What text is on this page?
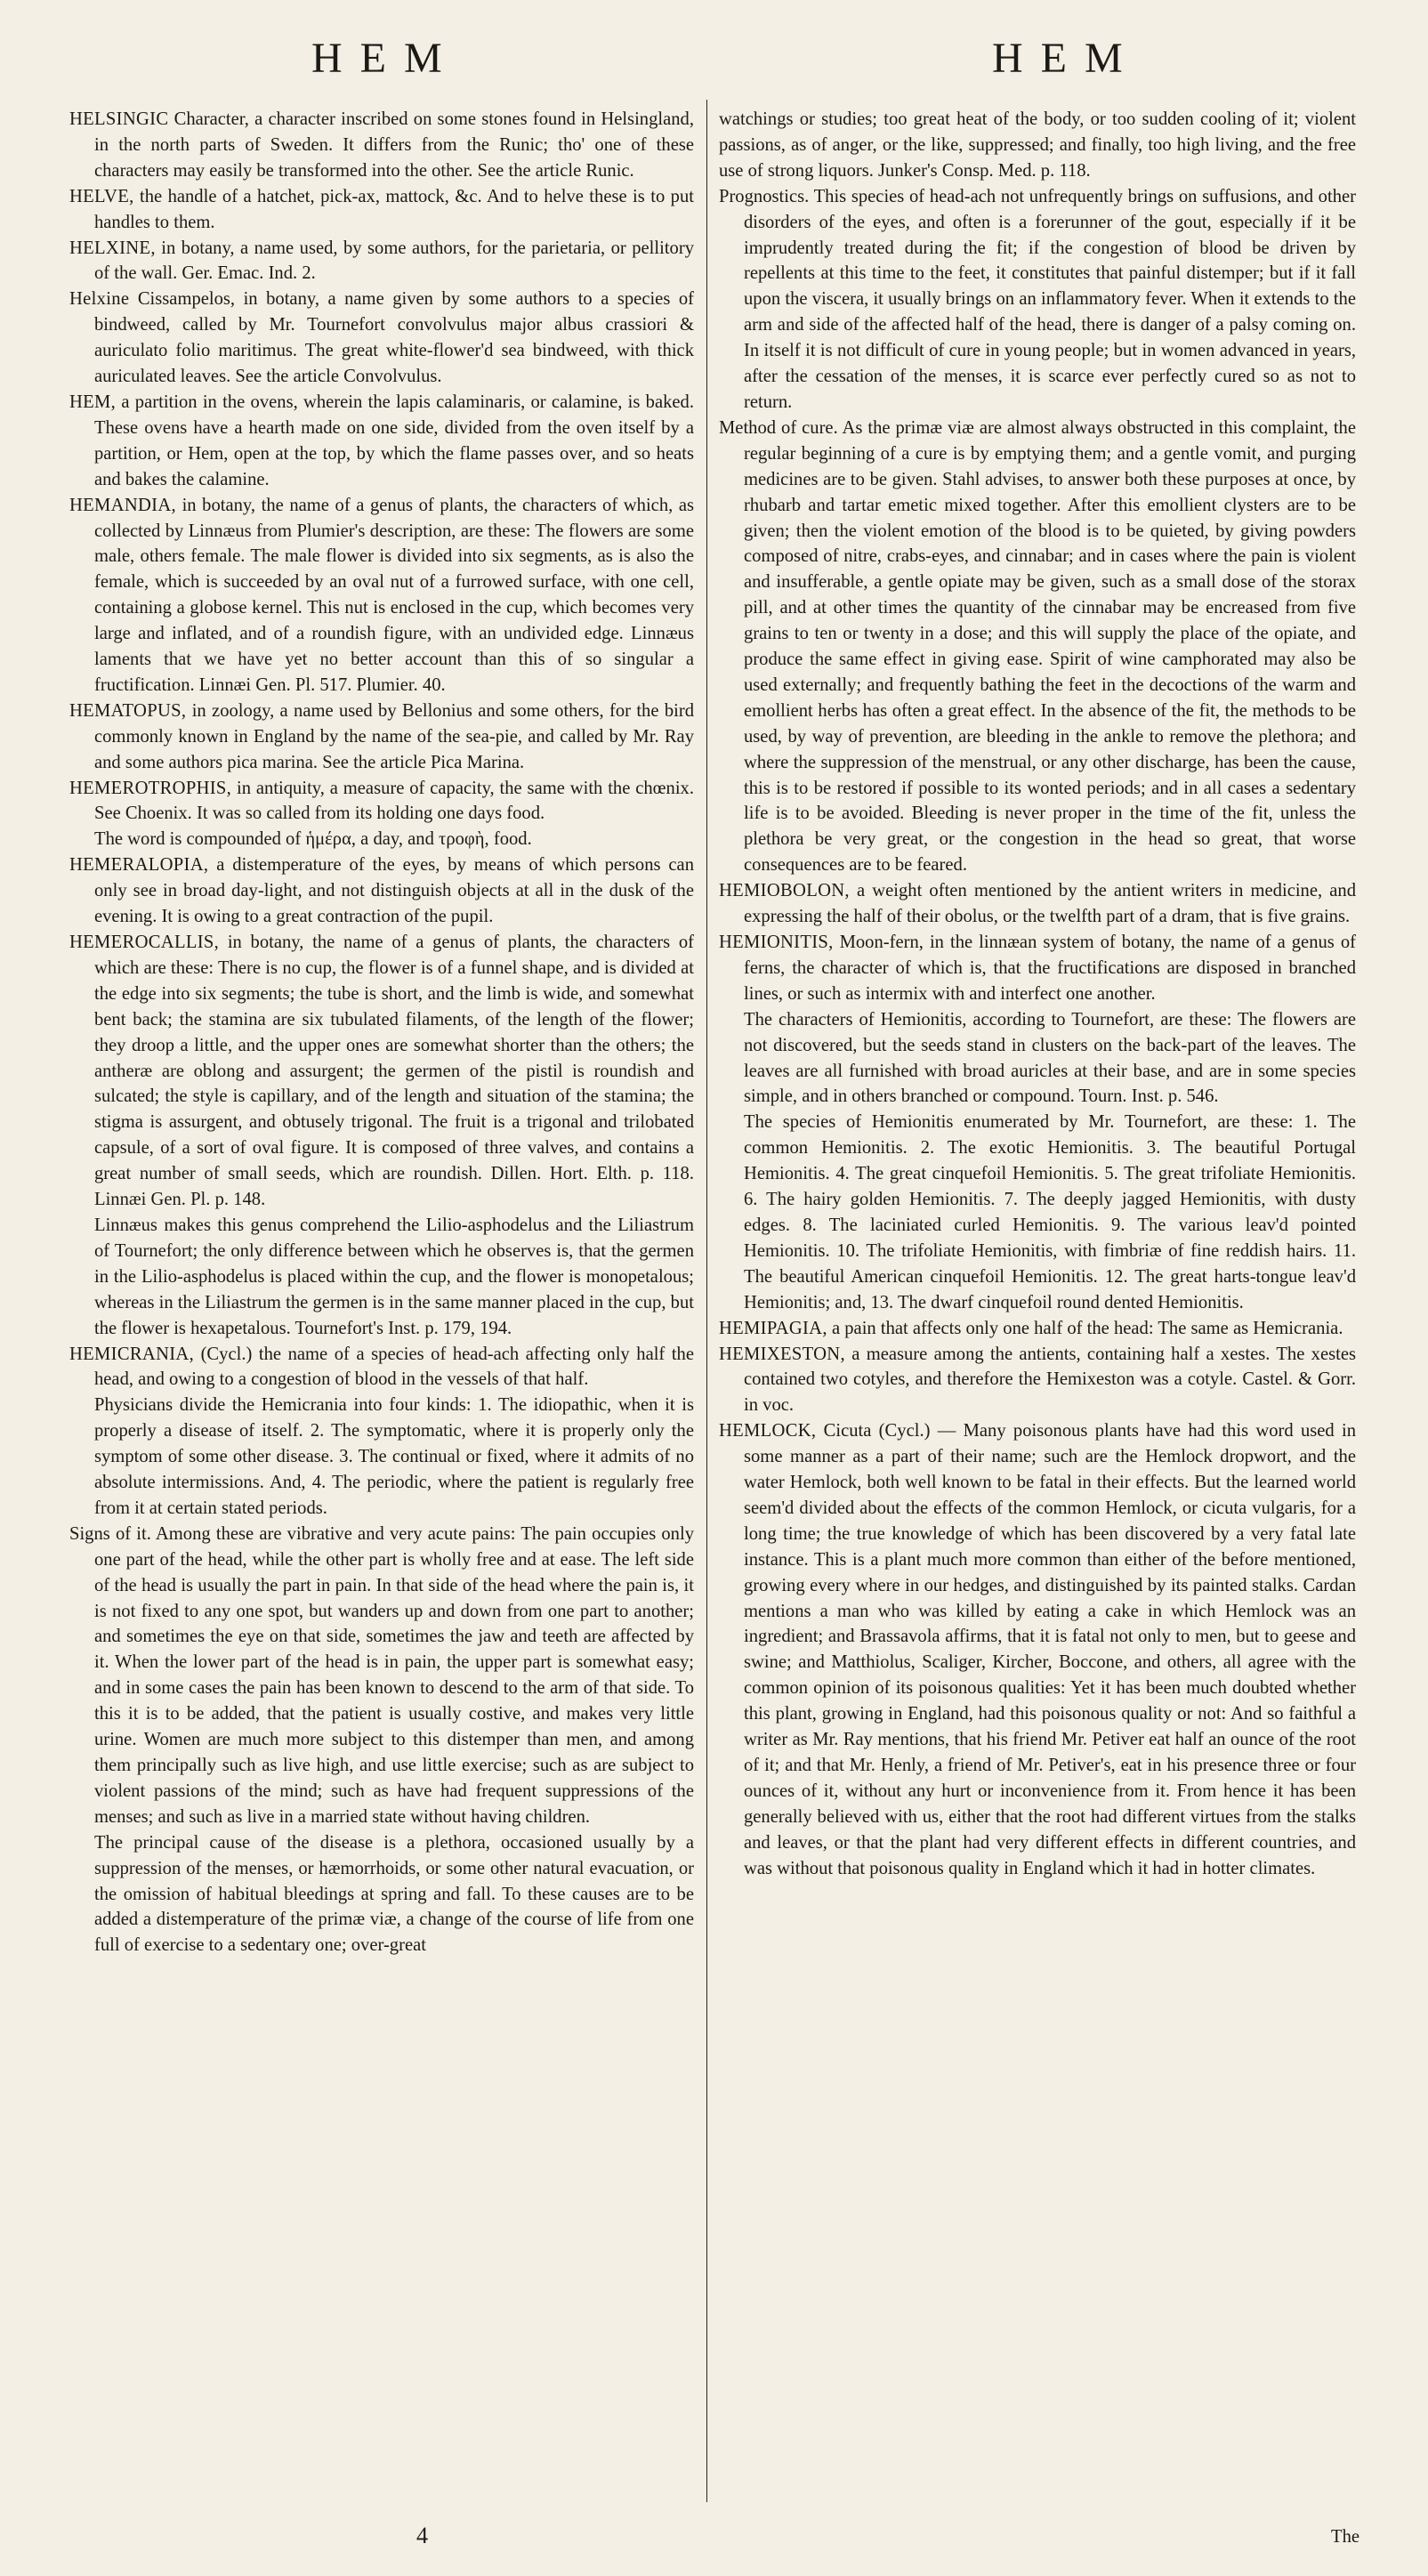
HEM	HEM

HELSINGIC Character, a character inscribed on some stones found in Helsingland, in the north parts of Sweden. It differs from the Runic; tho' one of these characters may easily be transformed into the other. See the article Runic.

HELVE, the handle of a hatchet, pick-ax, mattock, &c. And to helve these is to put handles to them.

HELXINE, in botany, a name used, by some authors, for the parietaria, or pellitory of the wall. Ger. Emac. Ind. 2.

Helxine Cissampelos, in botany, a name given by some authors to a species of bindweed, called by Mr. Tournefort convolvulus major albus crassiori & auriculato folio maritimus. The great white-flower'd sea bindweed, with thick auriculated leaves. See the article Convolvulus.

HEM, a partition in the ovens, wherein the lapis calaminaris, or calamine, is baked. These ovens have a hearth made on one side, divided from the oven itself by a partition, or Hem, open at the top, by which the flame passes over, and so heats and bakes the calamine.

HEMANDIA, in botany, the name of a genus of plants, the characters of which, as collected by Linnæus from Plumier's description, are these: The flowers are some male, others female. The male flower is divided into six segments, as is also the female, which is succeeded by an oval nut of a furrowed surface, with one cell, containing a globose kernel. This nut is enclosed in the cup, which becomes very large and inflated, and of a roundish figure, with an undivided edge. Linnæus laments that we have yet no better account than this of so singular a fructification. Linnæi Gen. Pl. 517. Plumier. 40.

HEMATOPUS, in zoology, a name used by Bellonius and some others, for the bird commonly known in England by the name of the sea-pie, and called by Mr. Ray and some authors pica marina. See the article Pica Marina.

HEMEROTROPHIS, in antiquity, a measure of capacity, the same with the chœnix. See Choenix. It was so called from its holding one days food.

The word is compounded of ἡμέρα, a day, and τροφὴ, food.

HEMERALOPIA, a distemperature of the eyes, by means of which persons can only see in broad day-light, and not distinguish objects at all in the dusk of the evening. It is owing to a great contraction of the pupil.

HEMEROCALLIS, in botany, the name of a genus of plants, the characters of which are these: There is no cup, the flower is of a funnel shape, and is divided at the edge into six segments; the tube is short, and the limb is wide, and somewhat bent back; the stamina are six tubulated filaments, of the length of the flower; they droop a little, and the upper ones are somewhat shorter than the others; the antheræ are oblong and assurgent; the germen of the pistil is roundish and sulcated; the style is capillary, and of the length and situation of the stamina; the stigma is assurgent, and obtusely trigonal. The fruit is a trigonal and trilobated capsule, of a sort of oval figure. It is composed of three valves, and contains a great number of small seeds, which are roundish. Dillen. Hort. Elth. p. 118. Linnæi Gen. Pl. p. 148.

Linnæus makes this genus comprehend the Lilio-asphodelus and the Liliastrum of Tournefort; the only difference between which he observes is, that the germen in the Lilio-asphodelus is placed within the cup, and the flower is monopetalous; whereas in the Liliastrum the germen is in the same manner placed in the cup, but the flower is hexapetalous. Tournefort's Inst. p. 179, 194.

HEMICRANIA, (Cycl.) the name of a species of head-ach affecting only half the head, and owing to a congestion of blood in the vessels of that half.

Physicians divide the Hemicrania into four kinds: 1. The idiopathic, when it is properly a disease of itself. 2. The symptomatic, where it is properly only the symptom of some other disease. 3. The continual or fixed, where it admits of no absolute intermissions. And, 4. The periodic, where the patient is regularly free from it at certain stated periods.

Signs of it. Among these are vibrative and very acute pains: The pain occupies only one part of the head, while the other part is wholly free and at ease. The left side of the head is usually the part in pain. In that side of the head where the pain is, it is not fixed to any one spot, but wanders up and down from one part to another; and sometimes the eye on that side, sometimes the jaw and teeth are affected by it. When the lower part of the head is in pain, the upper part is somewhat easy; and in some cases the pain has been known to descend to the arm of that side. To this it is to be added, that the patient is usually costive, and makes very little urine. Women are much more subject to this distemper than men, and among them principally such as live high, and use little exercise; such as are subject to violent passions of the mind; such as have had frequent suppressions of the menses; and such as live in a married state without having children.

The principal cause of the disease is a plethora, occasioned usually by a suppression of the menses, or hæmorrhoids, or some other natural evacuation, or the omission of habitual bleedings at spring and fall. To these causes are to be added a distemperature of the primæ viæ, a change of the course of life from one full of exercise to a sedentary one; over-great

watchings or studies; too great heat of the body, or too sudden cooling of it; violent passions, as of anger, or the like, suppressed; and finally, too high living, and the free use of strong liquors. Junker's Consp. Med. p. 118.

Prognostics. This species of head-ach not unfrequently brings on suffusions, and other disorders of the eyes, and often is a forerunner of the gout, especially if it be imprudently treated during the fit; if the congestion of blood be driven by repellents at this time to the feet, it constitutes that painful distemper; but if it fall upon the viscera, it usually brings on an inflammatory fever. When it extends to the arm and side of the affected half of the head, there is danger of a palsy coming on. In itself it is not difficult of cure in young people; but in women advanced in years, after the cessation of the menses, it is scarce ever perfectly cured so as not to return.

Method of cure. As the primæ viæ are almost always obstructed in this complaint, the regular beginning of a cure is by emptying them; and a gentle vomit, and purging medicines are to be given. Stahl advises, to answer both these purposes at once, by rhubarb and tartar emetic mixed together. After this emollient clysters are to be given; then the violent emotion of the blood is to be quieted, by giving powders composed of nitre, crabs-eyes, and cinnabar; and in cases where the pain is violent and insufferable, a gentle opiate may be given, such as a small dose of the storax pill, and at other times the quantity of the cinnabar may be encreased from five grains to ten or twenty in a dose; and this will supply the place of the opiate, and produce the same effect in giving ease. Spirit of wine camphorated may also be used externally; and frequently bathing the feet in the decoctions of the warm and emollient herbs has often a great effect. In the absence of the fit, the methods to be used, by way of prevention, are bleeding in the ankle to remove the plethora; and where the suppression of the menstrual, or any other discharge, has been the cause, this is to be restored if possible to its wonted periods; and in all cases a sedentary life is to be avoided. Bleeding is never proper in the time of the fit, unless the plethora be very great, or the congestion in the head so great, that worse consequences are to be feared.

HEMIOBOLON, a weight often mentioned by the antient writers in medicine, and expressing the half of their obolus, or the twelfth part of a dram, that is five grains.

HEMIONITIS, Moon-fern, in the linnæan system of botany, the name of a genus of ferns, the character of which is, that the fructifications are disposed in branched lines, or such as intermix with and interfect one another.

The characters of Hemionitis, according to Tournefort, are these: The flowers are not discovered, but the seeds stand in clusters on the back-part of the leaves. The leaves are all furnished with broad auricles at their base, and are in some species simple, and in others branched or compound. Tourn. Inst. p. 546.

The species of Hemionitis enumerated by Mr. Tournefort, are these: 1. The common Hemionitis. 2. The exotic Hemionitis. 3. The beautiful Portugal Hemionitis. 4. The great cinquefoil Hemionitis. 5. The great trifoliate Hemionitis. 6. The hairy golden Hemionitis. 7. The deeply jagged Hemionitis, with dusty edges. 8. The laciniated curled Hemionitis. 9. The various leav'd pointed Hemionitis. 10. The trifoliate Hemionitis, with fimbriæ of fine reddish hairs. 11. The beautiful American cinquefoil Hemionitis. 12. The great harts-tongue leav'd Hemionitis; and, 13. The dwarf cinquefoil round dented Hemionitis.

HEMIPAGIA, a pain that affects only one half of the head: The same as Hemicrania.

HEMIXESTON, a measure among the antients, containing half a xestes. The xestes contained two cotyles, and therefore the Hemixeston was a cotyle. Castel. & Gorr. in voc.

HEMLOCK, Cicuta (Cycl.) — Many poisonous plants have had this word used in some manner as a part of their name; such are the Hemlock dropwort, and the water Hemlock, both well known to be fatal in their effects. But the learned world seem'd divided about the effects of the common Hemlock, or cicuta vulgaris, for a long time; the true knowledge of which has been discovered by a very fatal late instance. This is a plant much more common than either of the before mentioned, growing every where in our hedges, and distinguished by its painted stalks. Cardan mentions a man who was killed by eating a cake in which Hemlock was an ingredient; and Brassavola affirms, that it is fatal not only to men, but to geese and swine; and Matthiolus, Scaliger, Kircher, Boccone, and others, all agree with the common opinion of its poisonous qualities: Yet it has been much doubted whether this plant, growing in England, had this poisonous quality or not: And so faithful a writer as Mr. Ray mentions, that his friend Mr. Petiver eat half an ounce of the root of it; and that Mr. Henly, a friend of Mr. Petiver's, eat in his presence three or four ounces of it, without any hurt or inconvenience from it. From hence it has been generally believed with us, either that the root had different virtues from the stalks and leaves, or that the plant had very different effects in different countries, and was without that poisonous quality in England which it had in hotter climates.

4	The
